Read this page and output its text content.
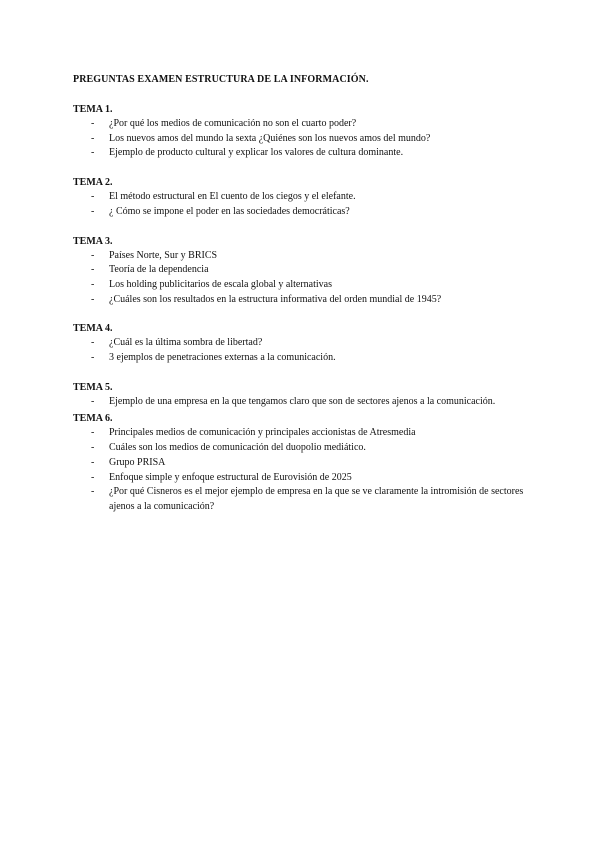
PREGUNTAS EXAMEN ESTRUCTURA DE LA INFORMACIÓN.
TEMA 1.
- ¿Por qué los medios de comunicación no son el cuarto poder?
- Los nuevos amos del mundo la sexta ¿Quiénes son los nuevos amos del mundo?
- Ejemplo de producto cultural y explicar los valores de cultura dominante.
TEMA 2.
- El método estructural en El cuento de los ciegos y el elefante.
- ¿ Cómo se impone el poder en las sociedades democráticas?
TEMA 3.
- Países Norte, Sur y BRICS
- Teoría de la dependencia
- Los holding publicitarios de escala global y alternativas
- ¿Cuáles son los resultados en la estructura informativa del orden mundial de 1945?
TEMA 4.
- ¿Cuál es la última sombra de libertad?
- 3 ejemplos de penetraciones externas a la comunicación.
TEMA 5.
- Ejemplo de una empresa en la que tengamos claro que son de sectores ajenos a la comunicación.
TEMA 6.
- Principales medios de comunicación y principales accionistas de Atresmedia
- Cuáles son los medios de comunicación del duopolio mediático.
- Grupo PRISA
- Enfoque simple y enfoque estructural de Eurovisión de 2025
- ¿Por qué Cisneros es el mejor ejemplo de empresa en la que se ve claramente la intromisión de sectores ajenos a la comunicación?
